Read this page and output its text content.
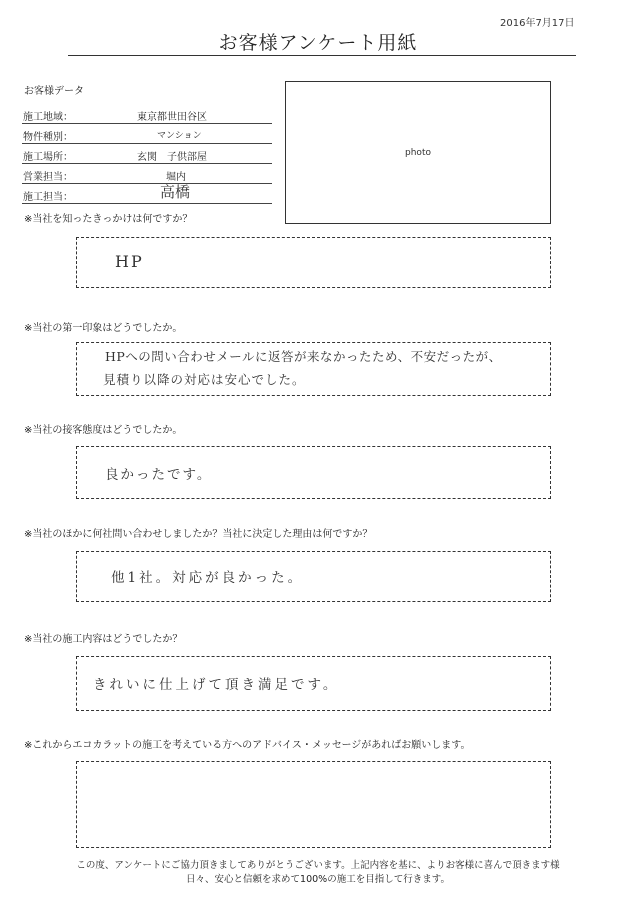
2016年7月17日
お客様アンケート用紙
お客様データ
施工地域：	東京都世田谷区
物件種別：	マンション
施工場所：	玄関　子供部屋
営業担当：	堀内
施工担当：	高橋
photo
※当社を知ったきっかけは何ですか？
HP
※当社の第一印象はどうでしたか。
HPへの問い合わせメールに返答が来なかったため、不安だったが、
見積り以降の対応は安心でした。
※当社の接客態度はどうでしたか。
良かったです。
※当社のほかに何社問い合わせしましたか？当社に決定した理由は何ですか？
他1社。対応が良かった。
※当社の施工内容はどうでしたか？
きれいに仕上げて頂き満足です。
※これからエコカラットの施工を考えている方へのアドバイス・メッセージがあればお願いします。
この度、アンケートにご協力頂きましてありがとうございます。上記内容を基に、よりお客様に喜んで頂きます様
日々、安心と信頼を求めて100%の施工を目指して行きます。
